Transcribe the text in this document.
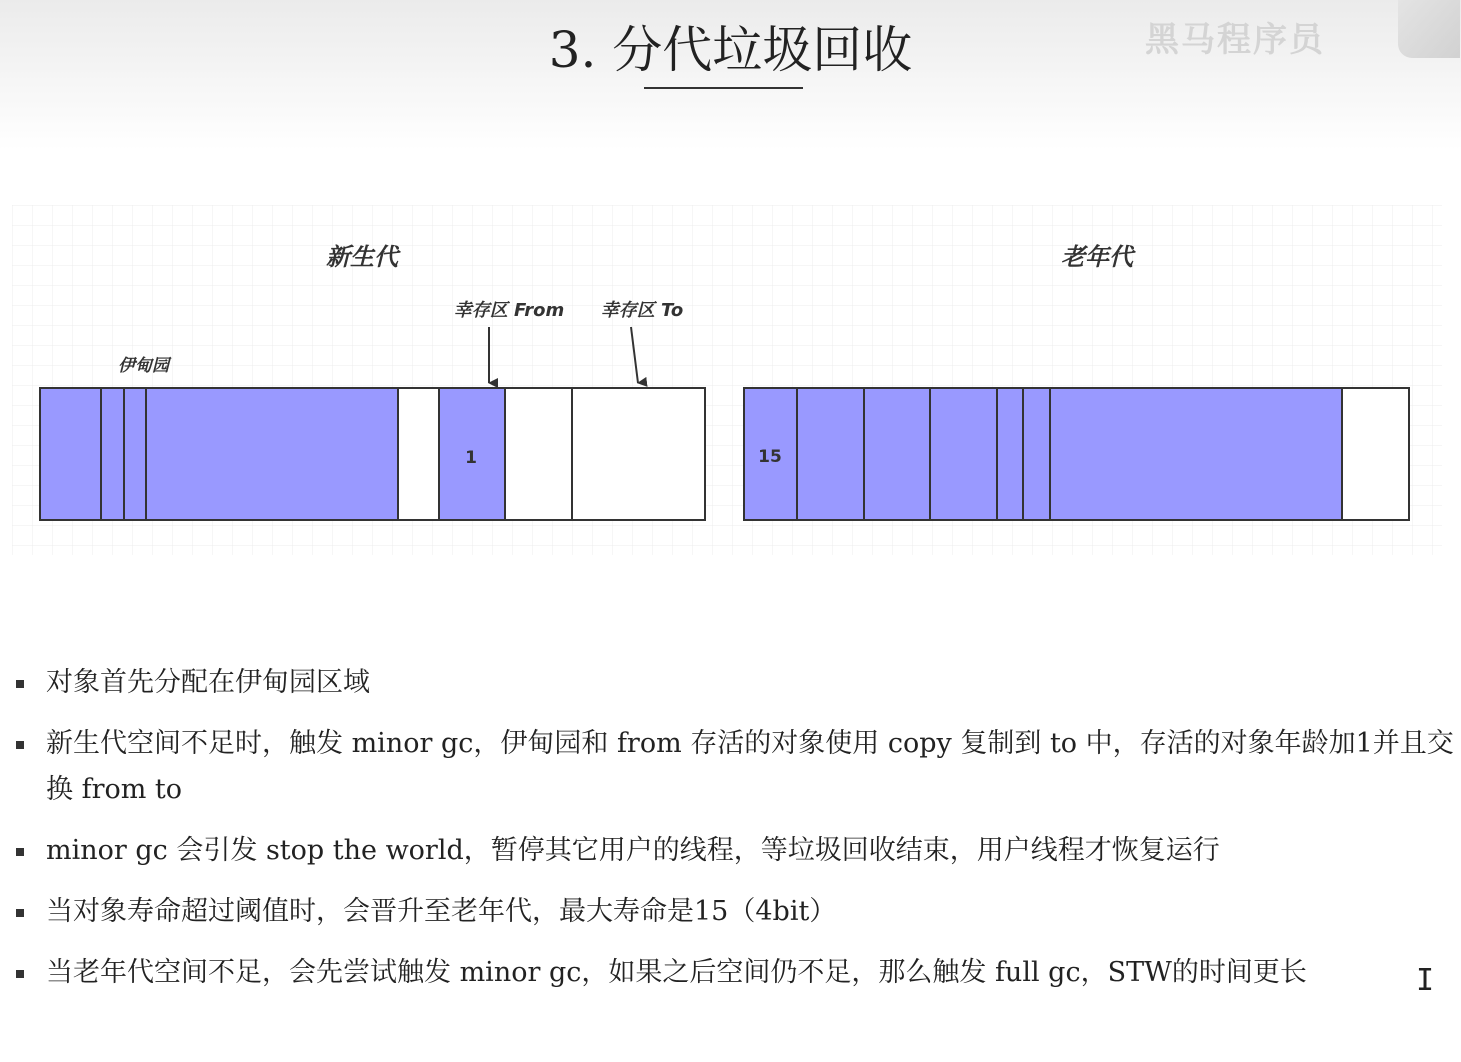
3. 分代垃圾回收	黑马程序员
新生代	老年代
伊甸园
幸存区 From 幸存区 To
1	15
对象首先分配在伊甸园区域
新生代空间不足时，触发 minor gc，伊甸园和 from 存活的对象使用 copy 复制到 to 中，存活的对象年龄加1并且交换 from to
minor gc 会引发 stop the world，暂停其它用户的线程，等垃圾回收结束，用户线程才恢复运行
当对象寿命超过阈值时，会晋升至老年代，最大寿命是15（4bit）
当老年代空间不足，会先尝试触发 minor gc，如果之后空间仍不足，那么触发 full gc，STW的时间更长	I
